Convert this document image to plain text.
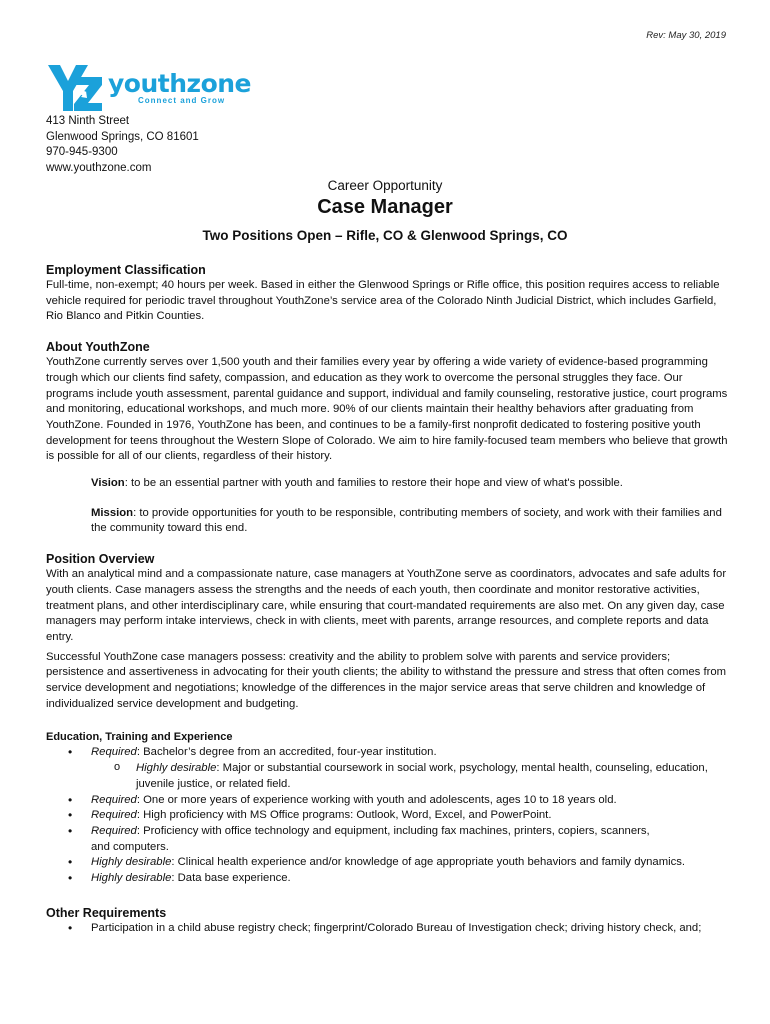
Rev: May 30, 2019
youthzone
Connect and Grow
413 Ninth Street
Glenwood Springs, CO 81601
970-945-9300
www.youthzone.com
Career Opportunity
Case Manager
Two Positions Open – Rifle, CO & Glenwood Springs, CO
Employment Classification

Full-time, non-exempt; 40 hours per week. Based in either the Glenwood Springs or Rifle office, this position requires access to reliable vehicle required for periodic travel throughout YouthZone’s service area of the Colorado Ninth Judicial District, which includes Garfield, Rio Blanco and Pitkin Counties.

About YouthZone

YouthZone currently serves over 1,500 youth and their families every year by offering a wide variety of evidence-based programming trough which our clients find safety, compassion, and education as they work to overcome the personal struggles they face. Our programs include youth assessment, parental guidance and support, individual and family counseling, restorative justice, court programs and monitoring, educational workshops, and much more. 90% of our clients maintain their healthy behaviors after graduating from YouthZone. Founded in 1976, YouthZone has been, and continues to be a family-first nonprofit dedicated to fostering positive youth development for teens throughout the Western Slope of Colorado. We aim to hire family-focused team members who believe that growth is possible for all of our clients, regardless of their history.

Vision: to be an essential partner with youth and families to restore their hope and view of what's possible.

Mission: to provide opportunities for youth to be responsible, contributing members of society, and work with their families and the community toward this end.

Position Overview

With an analytical mind and a compassionate nature, case managers at YouthZone serve as coordinators, advocates and safe adults for youth clients. Case managers assess the strengths and the needs of each youth, then coordinate and monitor restorative activities, treatment plans, and other interdisciplinary care, while ensuring that court-mandated requirements are also met. On any given day, case managers may perform intake interviews, check in with clients, meet with parents, arrange resources, and complete reports and data entry.

Successful YouthZone case managers possess: creativity and the ability to problem solve with parents and service providers; persistence and assertiveness in advocating for their youth clients; the ability to withstand the pressure and stress that often comes from service development and negotiations; knowledge of the differences in the major service areas that serve children and knowledge of individualized service development and budgeting.

Education, Training and Experience
• Required: Bachelor’s degree from an accredited, four-year institution.
o Highly desirable: Major or substantial coursework in social work, psychology, mental health, counseling, education, juvenile justice, or related field.
• Required: One or more years of experience working with youth and adolescents, ages 10 to 18 years old.
• Required: High proficiency with MS Office programs: Outlook, Word, Excel, and PowerPoint.
• Required: Proficiency with office technology and equipment, including fax machines, printers, copiers, scanners,
and computers.
• Highly desirable: Clinical health experience and/or knowledge of age appropriate youth behaviors and family dynamics.
• Highly desirable: Data base experience.
Other Requirements
• Participation in a child abuse registry check; fingerprint/Colorado Bureau of Investigation check; driving history check, and;
